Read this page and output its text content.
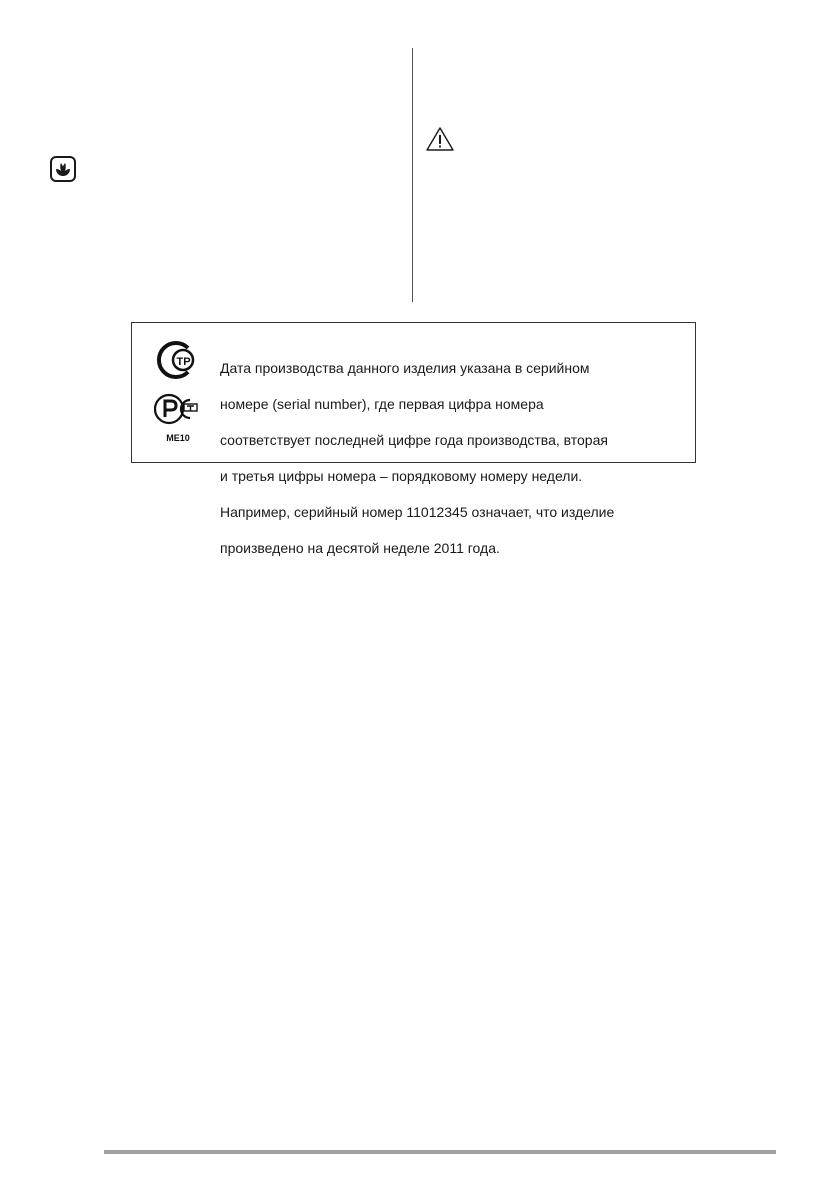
ТР
ME10

Дата производства данного изделия указана в серийном

номере (serial number), где первая цифра номера

соответствует последней цифре года производства, вторая

и третья цифры номера – порядковому номеру недели.

Например, серийный номер 11012345 означает, что изделие

произведено на десятой неделе 2011 года.
